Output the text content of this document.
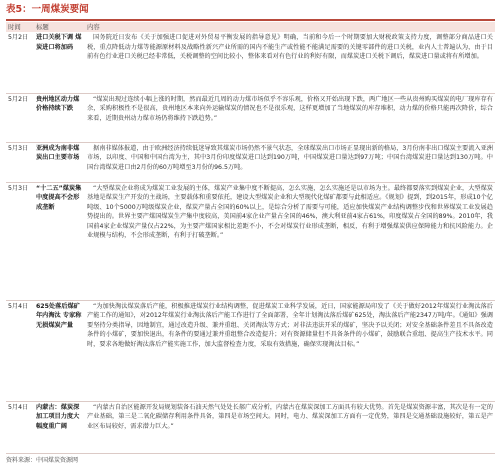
表5：一周煤炭要闻
时间	标题	内容
5月2日	进口关税下调 煤炭进口将加码	国务院近日发布《关于加强进口促进对外贸易平衡发展的指导意见》明确，当前和今后一个时期要加大财税政策支持力度，调整部分商品进口关税，重点降低动力煤等能源原材料及战略性新兴产业所需的国内不能生产或性能不能满足需要的关键零部件的进口关税，业内人士普遍认为，由于目前有色行业进口关税已经非常低，关税调整的空间比较小，整体来看对有色行业的利好有限，而煤炭进口关税下调后，煤炭进口量或将有所增加。
5月2日	贵州地区动力煤价格持续下跌	“煤炭出现过连续小幅上涨的时期，然而最近几周的动力煤市场似乎不容乐观，价格又开始出现下跌，两广地区一些从贵州购买煤炭的电厂现库存有余，采购积极性不是很高，贵州地区本来向外运输煤炭的情况也不是很乐观，这样更增加了当地煤炭的库存堆积，动力煤的价格只能再次降价，综合来看，近期贵州动力煤市场仍将维持下跌趋势。”
5月3日	亚洲成为南非煤炭出口主要市场	据南非媒体报道，由于欧洲经济持续低迷导致其煤炭市场仍然不景气状态，全球煤炭出口市场正显现出新的格局，3月份南非出口煤炭主要流入亚洲市场，以印度、中国和中国台湾为主，其中3月份印度煤炭进口达到190万吨，中国煤炭进口量达到97万吨；中国台湾煤炭进口量达到130万吨。中国台湾煤炭进口由2月份的60万吨增至3月份的96.5万吨。
5月3日	“十二五”煤炭集中度提高不会形成垄断	“大型煤炭企业将成为煤炭工业发展的主体，煤炭产业集中度不断提高，怎么实施，怎么实施还是以市场为主。最终都要落实到煤炭企业，大型煤炭基地是煤炭生产开发的主战场，主要载体和重要依托，建设大型煤炭企业和大型现代化煤矿都要与此相适应。《规划》提到，到2015年，形成10个亿吨级、10个5000万吨级煤炭企业，煤炭产量占全国的60%以上，是综合分析了需要与可能，适应加快煤炭产业结构调整步伐和世界煤炭工业发展趋势提出的。世界主要产煤国煤炭生产集中度较高，美国前4家企业产量占全国的46%，澳大利亚前4家占61%，印度煤炭占全国的89%。2010年，我国前4家企业煤炭产量仅占22%，为主要产煤国家相比差距不小，不会对煤炭行业形成垄断，相反，有利于增强煤炭供应保障能力和抗风险能力。企业规模与结构，不会形成垄断，有利于打破垄断。”
5月4日	625处落后煤矿年内淘汰 专家称无损煤炭产量	“为加快淘汰煤炭落后产能，积极推进煤炭行业结构调整，促进煤炭工业科学发展，近日，国家能源局印发了《关于做好2012年煤炭行业淘汰落后产能工作的通知》，对2012年煤炭行业淘汰落后产能工作进行了全面部署，全年计划淘汰落后煤矿625处，淘汰落后产能2347万吨/年。《通知》强调要坚持分类指导，因地制宜，通过改造升级、兼并重组、关闭淘汰等方式；对非法违法开采的煤矿，坚决予以关闭；对安全基础条件差且不具备改造条件的小煤矿，要加快退出，有条件的要通过兼并重组整合改造提升；对有资源储量但不具备条件的小煤矿，鼓励联合重组、提高生产技术水平。同时，要求各地做好淘汰落后产能实施工作，加大监督检查力度，采取有效措施，确保实现淘汰目标。”
5月4日	内蒙古：煤炭深加工项目力度大幅度重广阔	“内蒙古自治区能源开发局规划装备石油天然气处处长郝广成分析，内蒙古在煤炭深加工方面具有较大优势。首先是煤炭资源丰富，其次是有一定的产业基础，第三是二氧化碳储存利用条件具备，第四是市场空间大。同时，电力、煤炭深加工方面有一定优势，第四是交通基础设施较好，第五是产业区布局较好，需求潜力巨大。”
资料来源：中国煤炭资源网
